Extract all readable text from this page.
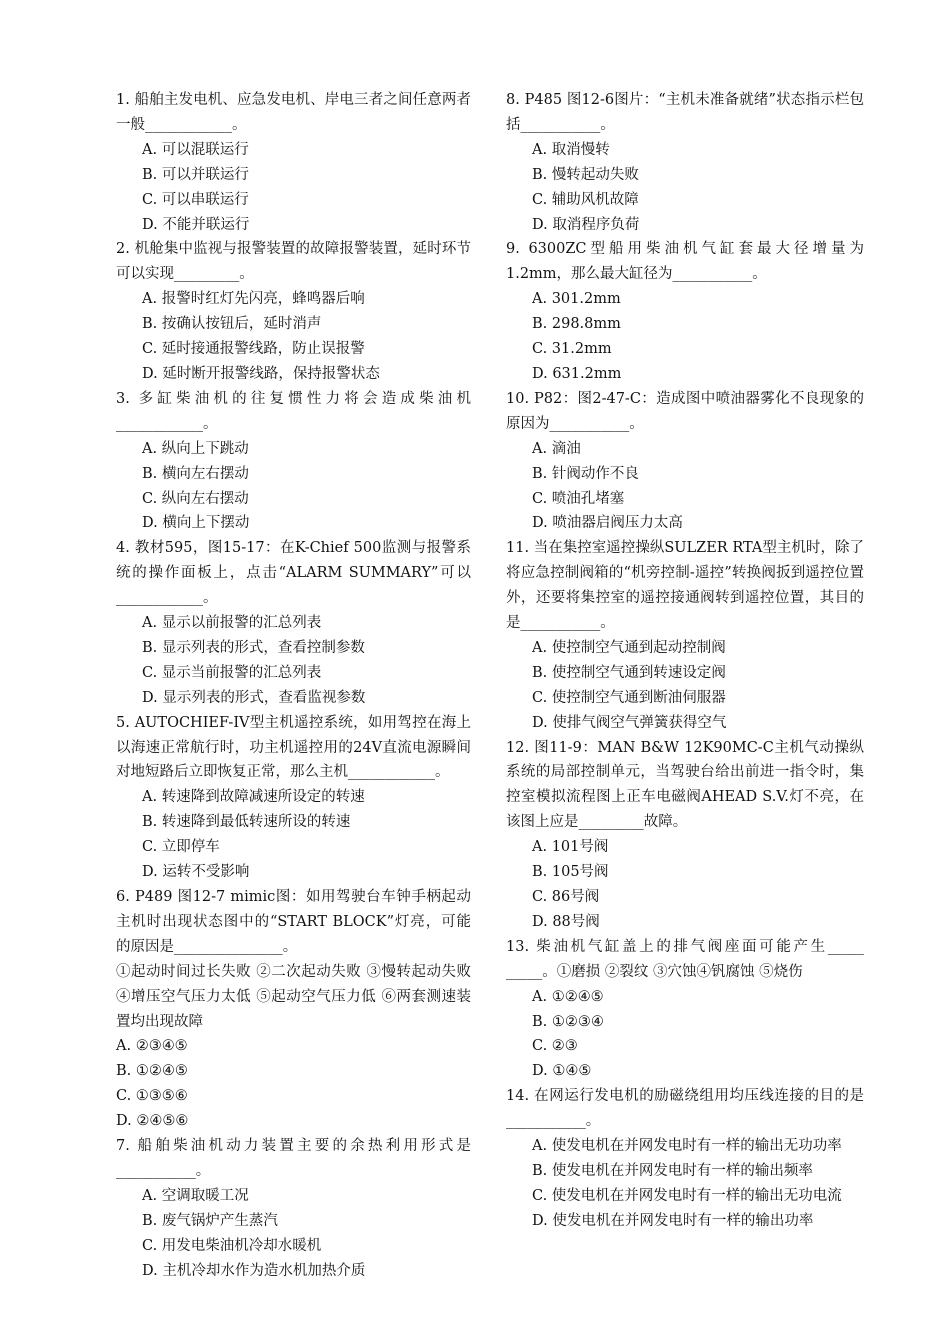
1. 船舶主发电机、应急发电机、岸电三者之间任意两者一般____________。
A. 可以混联运行
B. 可以并联运行
C. 可以串联运行
D. 不能并联运行
2. 机舱集中监视与报警装置的故障报警装置，延时环节可以实现_________。
A. 报警时红灯先闪亮，蜂鸣器后响
B. 按确认按钮后，延时消声
C. 延时接通报警线路，防止误报警
D. 延时断开报警线路，保持报警状态
3. 多缸柴油机的往复惯性力将会造成柴油机____________。
A. 纵向上下跳动
B. 横向左右摆动
C. 纵向左右摆动
D. 横向上下摆动
4. 教材595，图15-17：在K-Chief 500监测与报警系统的操作面板上，点击“ALARM SUMMARY”可以____________。
A. 显示以前报警的汇总列表
B. 显示列表的形式，查看控制参数
C. 显示当前报警的汇总列表
D. 显示列表的形式，查看监视参数
5. AUTOCHIEF-IV型主机遥控系统，如用驾控在海上以海速正常航行时，功主机遥控用的24V直流电源瞬间对地短路后立即恢复正常，那么主机____________。
A. 转速降到故障减速所设定的转速
B. 转速降到最低转速所设的转速
C. 立即停车
D. 运转不受影响
6. P489 图12-7 mimic图：如用驾驶台车钟手柄起动主机时出现状态图中的“START BLOCK”灯亮，可能的原因是_______________。
①起动时间过长失败 ②二次起动失败 ③慢转起动失败 ④增压空气压力太低 ⑤起动空气压力低 ⑥两套测速装置均出现故障
A. ②③④⑤
B. ①②④⑤
C. ①③⑤⑥
D. ②④⑤⑥
7. 船舶柴油机动力装置主要的余热利用形式是___________。
A. 空调取暖工况
B. 废气锅炉产生蒸汽
C. 用发电柴油机冷却水暖机
D. 主机冷却水作为造水机加热介质
8. P485 图12-6图片：“主机未准备就绪”状态指示栏包括___________。
A. 取消慢转
B. 慢转起动失败
C. 辅助风机故障
D. 取消程序负荷
9. 6300ZC型船用柴油机气缸套最大径增量为1.2mm，那么最大缸径为___________。
A. 301.2mm
B. 298.8mm
C. 31.2mm
D. 631.2mm
10. P82：图2-47-C：造成图中喷油器雾化不良现象的原因为___________。
A. 滴油
B. 针阀动作不良
C. 喷油孔堵塞
D. 喷油器启阀压力太高
11. 当在集控室遥控操纵SULZER RTA型主机时，除了将应急控制阀箱的“机旁控制-遥控”转换阀扳到遥控位置外，还要将集控室的遥控接通阀转到遥控位置，其目的是___________。
A. 使控制空气通到起动控制阀
B. 使控制空气通到转速设定阀
C. 使控制空气通到断油伺服器
D. 使排气阀空气弹簧获得空气
12. 图11-9：MAN B&W 12K90MC-C主机气动操纵系统的局部控制单元，当驾驶台给出前进一指令时，集控室模拟流程图上正车电磁阀AHEAD S.V.灯不亮，在该图上应是_________故障。
A. 101号阀
B. 105号阀
C. 86号阀
D. 88号阀
13. 柴油机气缸盖上的排气阀座面可能产生_____ _____。①磨损 ②裂纹 ③穴蚀④钒腐蚀 ⑤烧伤
A. ①②④⑤
B. ①②③④
C. ②③
D. ①④⑤
14. 在网运行发电机的励磁绕组用均压线连接的目的是___________。
A. 使发电机在并网发电时有一样的输出无功功率
B. 使发电机在并网发电时有一样的输出频率
C. 使发电机在并网发电时有一样的输出无功电流
D. 使发电机在并网发电时有一样的输出功率
